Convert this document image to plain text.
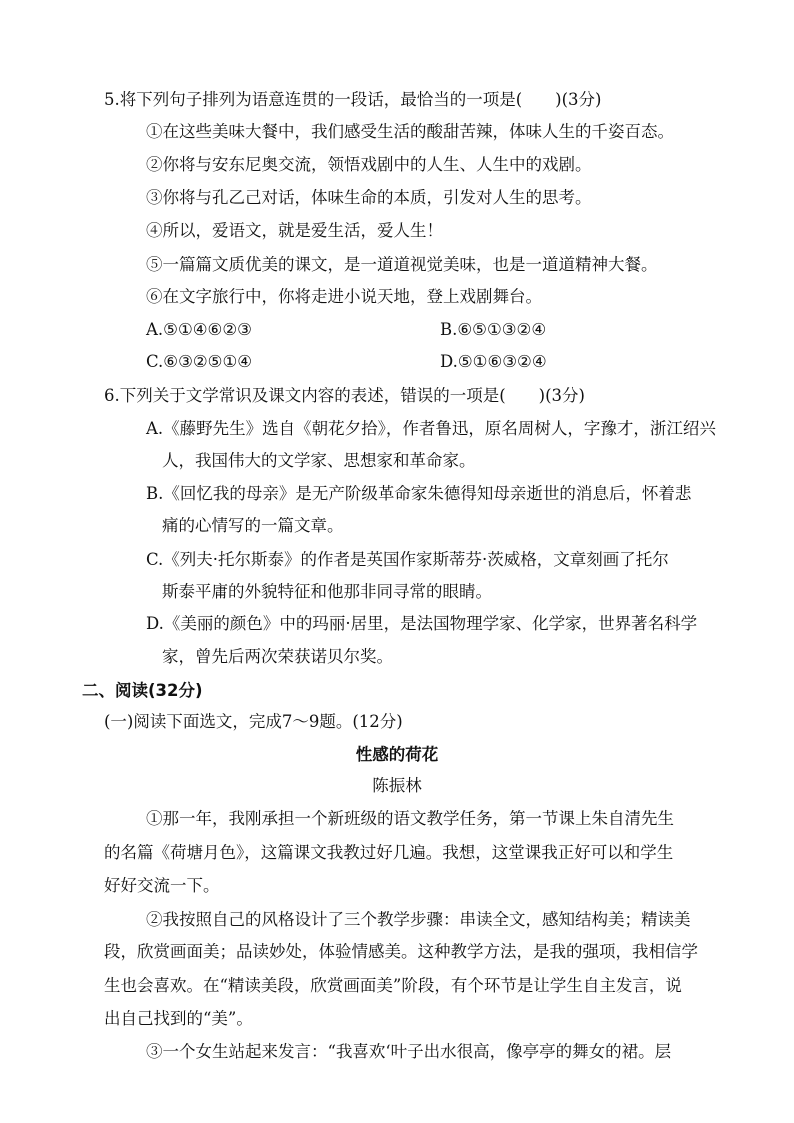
5.将下列句子排列为语意连贯的一段话，最恰当的一项是(　　)(3分)
①在这些美味大餐中，我们感受生活的酸甜苦辣，体味人生的千姿百态。
②你将与安东尼奥交流，领悟戏剧中的人生、人生中的戏剧。
③你将与孔乙己对话，体味生命的本质，引发对人生的思考。
④所以，爱语文，就是爱生活，爱人生！
⑤一篇篇文质优美的课文，是一道道视觉美味，也是一道道精神大餐。
⑥在文字旅行中，你将走进小说天地，登上戏剧舞台。
A.⑤①④⑥②③	B.⑥⑤①③②④
C.⑥③②⑤①④	D.⑤①⑥③②④
6.下列关于文学常识及课文内容的表述，错误的一项是(　　)(3分)
A.《藤野先生》选自《朝花夕拾》，作者鲁迅，原名周树人，字豫才，浙江绍兴
人，我国伟大的文学家、思想家和革命家。
B.《回忆我的母亲》是无产阶级革命家朱德得知母亲逝世的消息后，怀着悲
痛的心情写的一篇文章。
C.《列夫·托尔斯泰》的作者是英国作家斯蒂芬·茨威格，文章刻画了托尔
斯泰平庸的外貌特征和他那非同寻常的眼睛。
D.《美丽的颜色》中的玛丽·居里，是法国物理学家、化学家，世界著名科学
家，曾先后两次荣获诺贝尔奖。
二、阅读(32分)
(一)阅读下面选文，完成7～9题。(12分)
性感的荷花
陈振林
①那一年，我刚承担一个新班级的语文教学任务，第一节课上朱自清先生
的名篇《荷塘月色》，这篇课文我教过好几遍。我想，这堂课我正好可以和学生
好好交流一下。
②我按照自己的风格设计了三个教学步骤：串读全文，感知结构美；精读美
段，欣赏画面美；品读妙处，体验情感美。这种教学方法，是我的强项，我相信学
生也会喜欢。在“精读美段，欣赏画面美”阶段，有个环节是让学生自主发言，说
出自己找到的“美”。
③一个女生站起来发言：“我喜欢‘叶子出水很高，像亭亭的舞女的裙。层
